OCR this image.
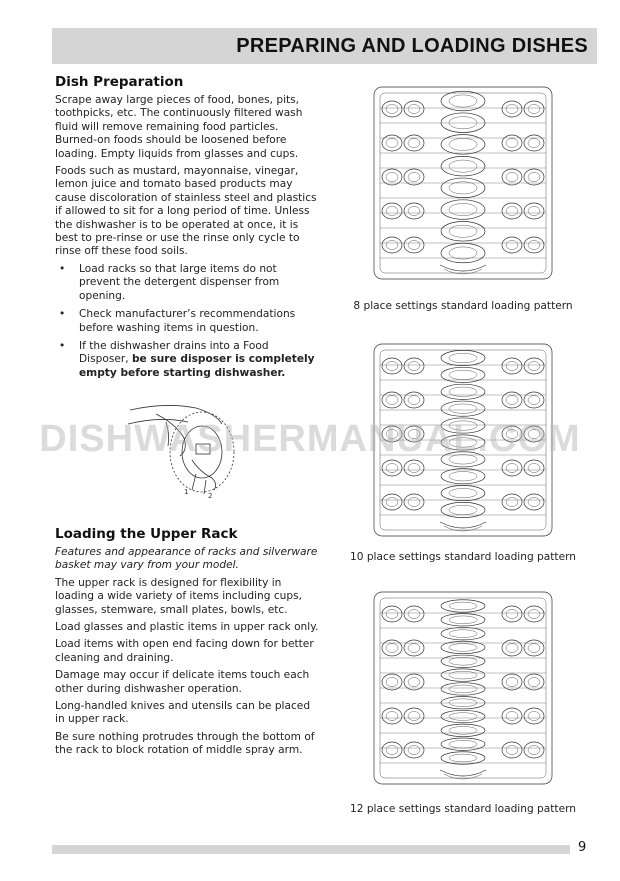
PREPARING AND LOADING DISHES
Dish Preparation

Scrape away large pieces of food, bones, pits, toothpicks, etc. The continuously filtered wash fluid will remove remaining food particles. Burned-on foods should be loosened before loading. Empty liquids from glasses and cups.

Foods such as mustard, mayonnaise, vinegar, lemon juice and tomato based products may cause discoloration of stainless steel and plastics if allowed to sit for a long period of time. Unless the dishwasher is to be operated at once, it is best to pre-rinse or use the rinse only cycle to rinse off these food soils.

• Load racks so that large items do not prevent the detergent dispenser from opening.
• Check manufacturer’s recommendations before washing items in question.
• If the dishwasher drains into a Food Disposer, be sure disposer is completely empty before starting dishwasher.
1	2
Loading the Upper Rack

Features and appearance of racks and silverware basket may vary from your model.

The upper rack is designed for flexibility in loading a wide variety of items including cups, glasses, stemware, small plates, bowls, etc.

Load glasses and plastic items in upper rack only.

Load items with open end facing down for better cleaning and draining.

Damage may occur if delicate items touch each other during dishwasher operation.

Long-handled knives and utensils can be placed in upper rack.

Be sure nothing protrudes through the bottom of the rack to block rotation of middle spray arm.

8 place settings standard loading pattern
10 place settings standard loading pattern
12 place settings standard loading pattern
DISHWASHERMANUAL.COM
9
